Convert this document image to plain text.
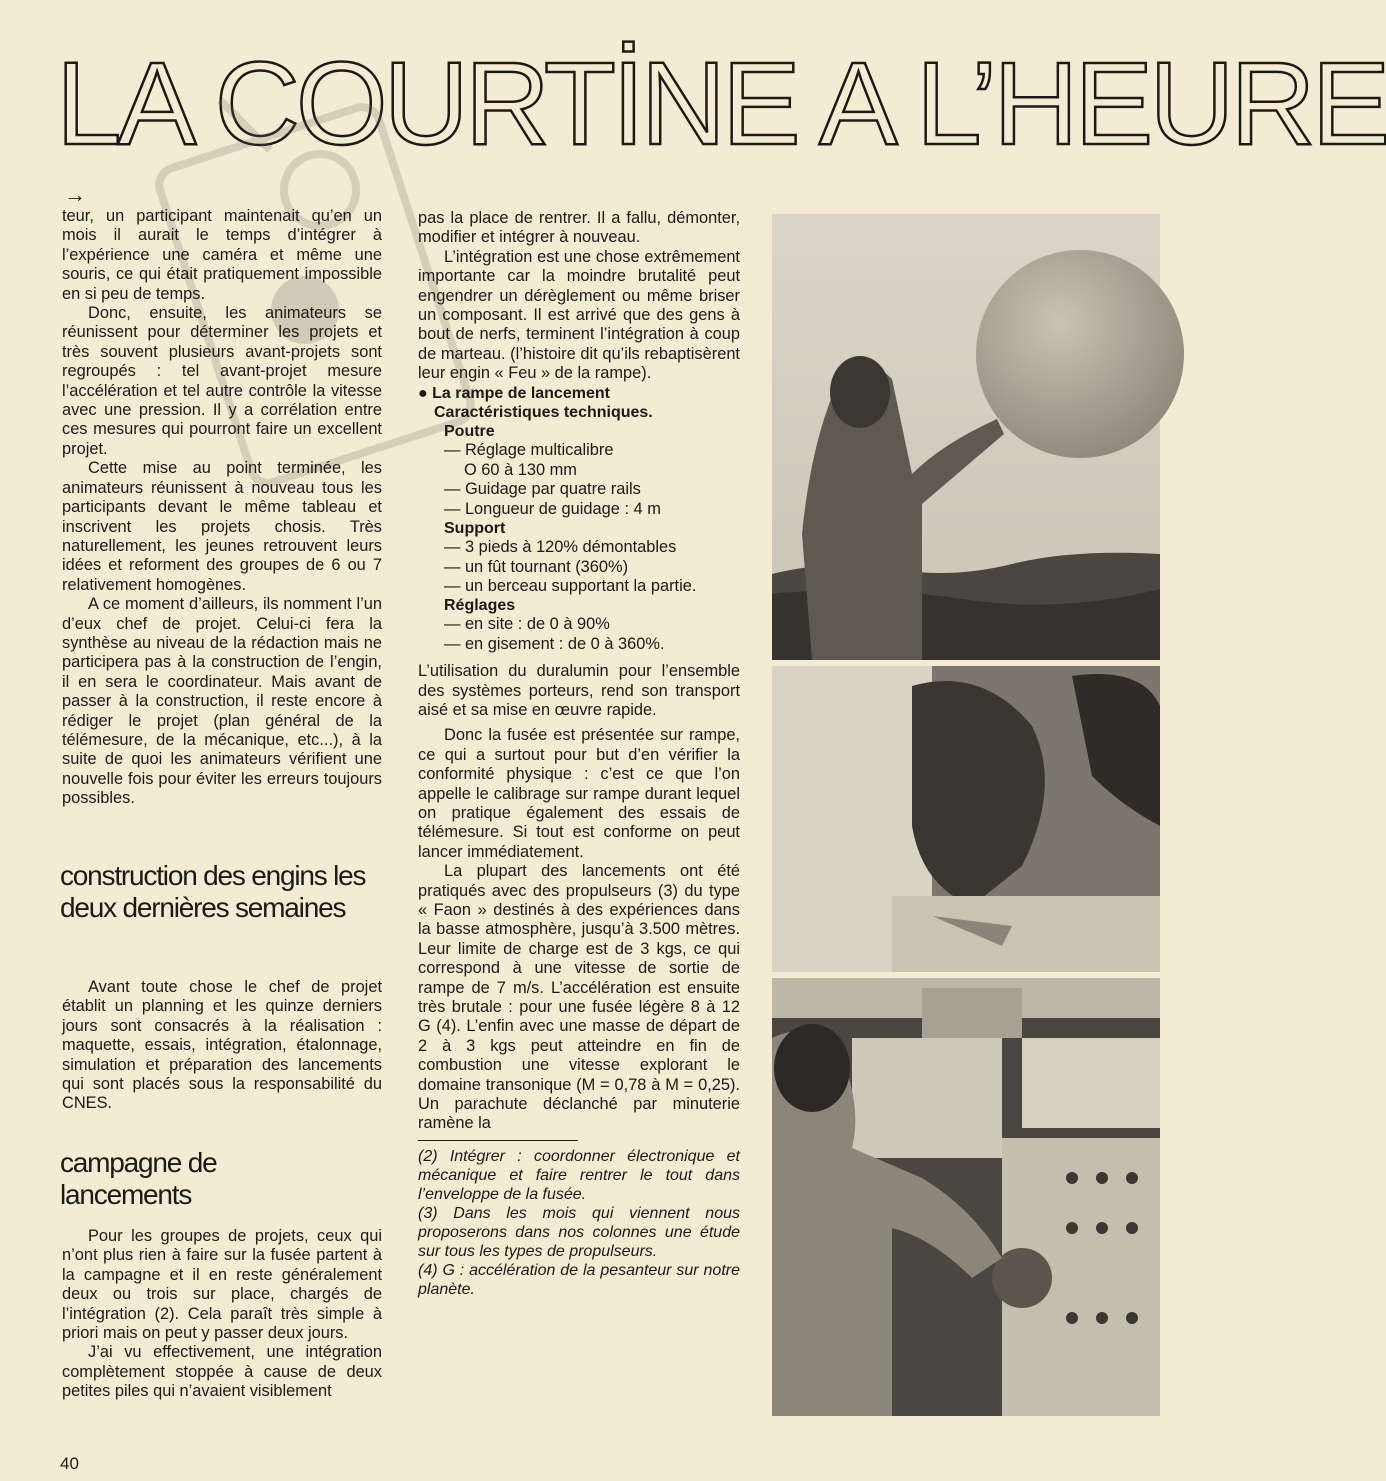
LA COURTİNE A L’HEURE
→

teur, un participant maintenait qu’en un mois il aurait le temps d’intégrer à l’expérience une caméra et même une souris, ce qui était pratiquement impossible en si peu de temps.

Donc, ensuite, les animateurs se réunissent pour déterminer les projets et très souvent plusieurs avant-projets sont regroupés : tel avant-projet mesure l’accélération et tel autre contrôle la vitesse avec une pression. Il y a corrélation entre ces mesures qui pourront faire un excellent projet.

Cette mise au point terminée, les animateurs réunissent à nouveau tous les participants devant le même tableau et inscrivent les projets chosis. Très naturellement, les jeunes retrouvent leurs idées et reforment des groupes de 6 ou 7 relativement homogènes.

A ce moment d’ailleurs, ils nomment l’un d’eux chef de projet. Celui-ci fera la synthèse au niveau de la rédaction mais ne participera pas à la construction de l’engin, il en sera le coordinateur. Mais avant de passer à la construction, il reste encore à rédiger le projet (plan général de la télémesure, de la mécanique, etc...), à la suite de quoi les animateurs vérifient une nouvelle fois pour éviter les erreurs toujours possibles.

construction des engins les deux dernières semaines

Avant toute chose le chef de projet établit un planning et les quinze derniers jours sont consacrés à la réalisation : maquette, essais, intégration, étalonnage, simulation et préparation des lancements qui sont placés sous la responsabilité du CNES.

campagne de lancements

Pour les groupes de projets, ceux qui n’ont plus rien à faire sur la fusée partent à la campagne et il en reste généralement deux ou trois sur place, chargés de l’intégration (2). Cela paraît très simple à priori mais on peut y passer deux jours.

J’ai vu effectivement, une intégration complètement stoppée à cause de deux petites piles qui n’avaient visiblement

pas la place de rentrer. Il a fallu, démonter, modifier et intégrer à nouveau.

L’intégration est une chose extrêmement importante car la moindre brutalité peut engendrer un dérèglement ou même briser un composant. Il est arrivé que des gens à bout de nerfs, terminent l’intégration à coup de marteau. (l’histoire dit qu’ils rebaptisèrent leur engin « Feu » de la rampe).

● La rampe de lancement
Caractéristiques techniques.

Poutre

— Réglage multicalibre

O 60 à 130 mm

— Guidage par quatre rails

— Longueur de guidage : 4 m

Support

— 3 pieds à 120% démontables

— un fût tournant (360%)

— un berceau supportant la partie.

Réglages

— en site : de 0 à 90%

— en gisement : de 0 à 360%.

L’utilisation du duralumin pour l’ensemble des systèmes porteurs, rend son transport aisé et sa mise en œuvre rapide.

Donc la fusée est présentée sur rampe, ce qui a surtout pour but d’en vérifier la conformité physique : c’est ce que l’on appelle le calibrage sur rampe durant lequel on pratique également des essais de télémesure. Si tout est conforme on peut lancer immédiatement.

La plupart des lancements ont été pratiqués avec des propulseurs (3) du type « Faon » destinés à des expériences dans la basse atmosphère, jusqu’à 3.500 mètres. Leur limite de charge est de 3 kgs, ce qui correspond à une vitesse de sortie de rampe de 7 m/s. L’accélération est ensuite très brutale : pour une fusée légère 8 à 12 G (4). L’enfin avec une masse de départ de 2 à 3 kgs peut atteindre en fin de combustion une vitesse explorant le domaine transonique (M = 0,78 à M = 0,25). Un parachute déclanché par minuterie ramène la

(2) Intégrer : coordonner électronique et mécanique et faire rentrer le tout dans l’enveloppe de la fusée.

(3) Dans les mois qui viennent nous proposerons dans nos colonnes une étude sur tous les types de propulseurs.

(4) G : accélération de la pesanteur sur notre planète.

40
